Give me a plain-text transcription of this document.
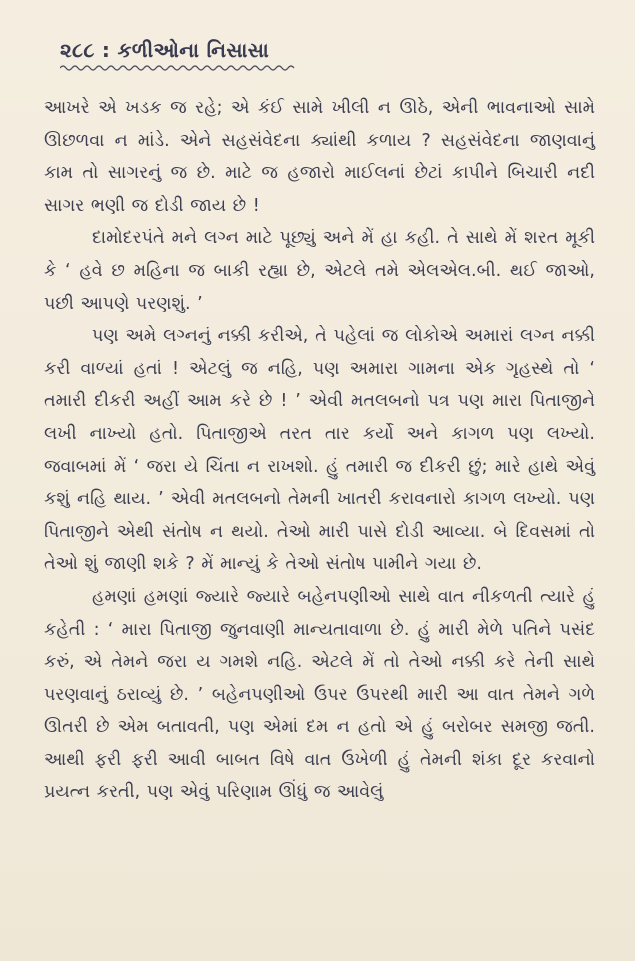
૨૮૮ : કળીઓના નિસાસા

આખરે એ ખડક જ રહે; એ કંઈ સામે ખીલી ન ઊઠે, એની ભાવનાઓ સામે ઊછળવા ન માંડે. એને સહસંવેદના ક્યાંથી કળાય ? સહસંવેદના જાણવાનું કામ તો સાગરનું જ છે. માટે જ હજારો માઈલનાં છેટાં કાપીને બિચારી નદી સાગર ભણી જ દોડી જાય છે !

દામોદરપંતે મને લગ્ન માટે પૂછ્યું અને મેં હા કહી. તે સાથે મેં શરત મૂકી કે ‘ હવે છ મહિના જ બાકી રહ્યા છે, એટલે તમે એલએલ.બી. થઈ જાઓ, પછી આપણે પરણશું. ’

પણ અમે લગ્નનું નક્કી કરીએ, તે પહેલાં જ લોકોએ અમારાં લગ્ન નક્કી કરી વાળ્યાં હતાં ! એટલું જ નહિ, પણ અમારા ગામના એક ગૃહસ્થે તો ‘ તમારી દીકરી અહીં આમ કરે છે ! ’ એવી મતલબનો પત્ર પણ મારા પિતાજીને લખી નાખ્યો હતો. પિતાજીએ તરત તાર કર્યો અને કાગળ પણ લખ્યો. જવાબમાં મેં ‘ જરા યે ચિંતા ન રાખશો. હું તમારી જ દીકરી છું; મારે હાથે એવું કશું નહિ થાય. ’ એવી મતલબનો તેમની ખાતરી કરાવનારો કાગળ લખ્યો. પણ પિતાજીને એથી સંતોષ ન થયો. તેઓ મારી પાસે દોડી આવ્યા. બે દિવસમાં તો તેઓ શું જાણી શકે ? મેં માન્યું કે તેઓ સંતોષ પામીને ગયા છે.

હમણાં હમણાં જ્યારે જ્યારે બહેનપણીઓ સાથે વાત નીકળતી ત્યારે હું કહેતી : ‘ મારા પિતાજી જુનવાણી માન્યતાવાળા છે. હું મારી મેળે પતિને પસંદ કરું, એ તેમને જરા ય ગમશે નહિ. એટલે મેં તો તેઓ નક્કી કરે તેની સાથે પરણવાનું ઠરાવ્યું છે. ’ બહેનપણીઓ ઉપર ઉપરથી મારી આ વાત તેમને ગળે ઊતરી છે એમ બતાવતી, પણ એમાં દમ ન હતો એ હું બરોબર સમજી જતી. આથી ફરી ફરી આવી બાબત વિષે વાત ઉખેળી હું તેમની શંકા દૂર કરવાનો પ્રયત્ન કરતી, પણ એવું પરિણામ ઊંધું જ આવેલું
